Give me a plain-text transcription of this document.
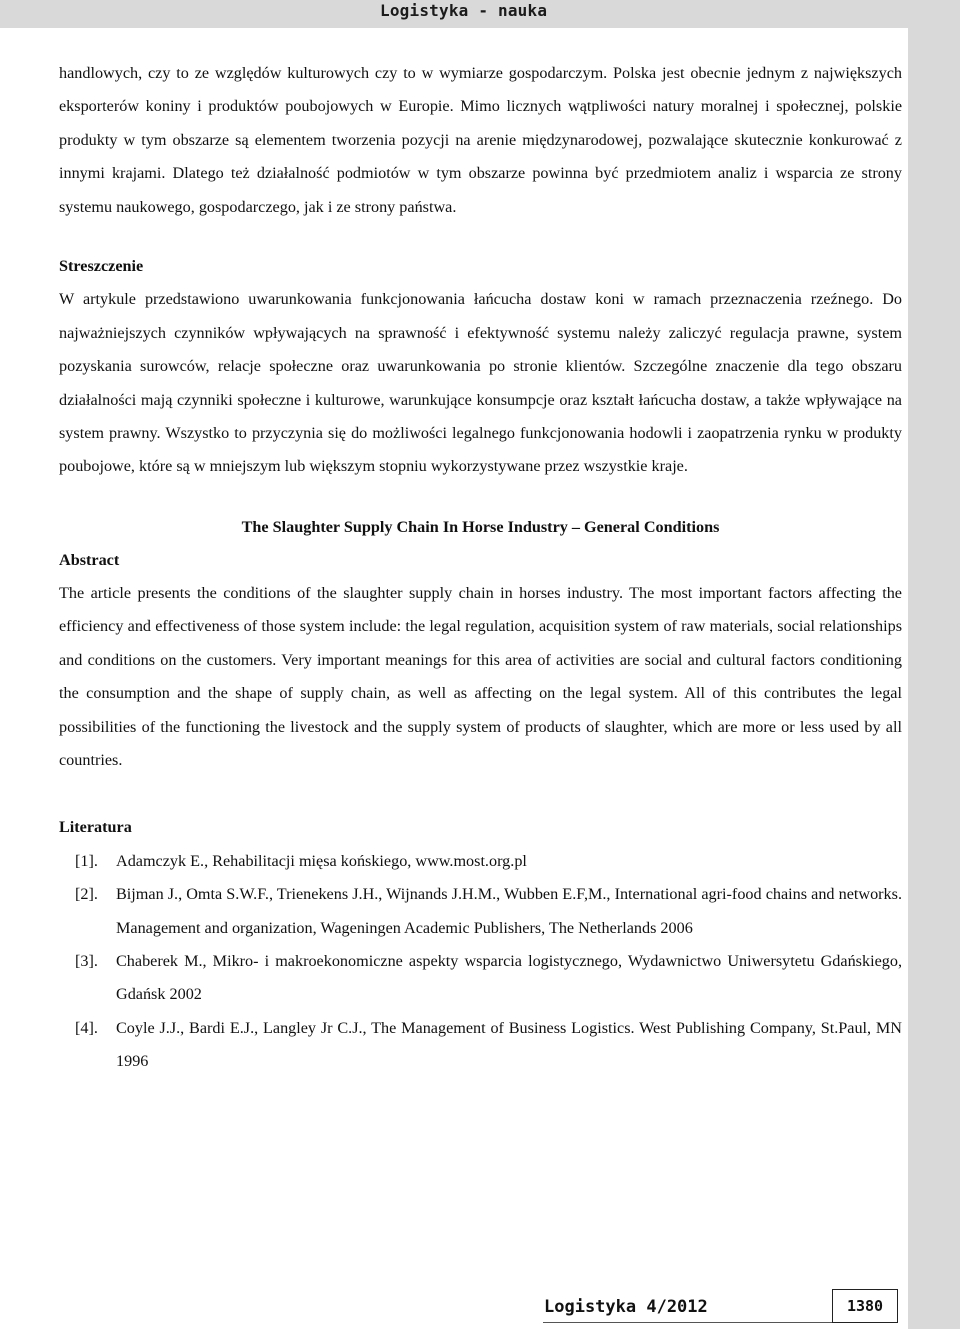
Logistyka - nauka

handlowych, czy to ze względów kulturowych czy to w wymiarze gospodarczym. Polska jest obecnie jednym z największych eksporterów koniny i produktów poubojowych w Europie. Mimo licznych wątpliwości natury moralnej i społecznej, polskie produkty w tym obszarze są elementem tworzenia pozycji na arenie międzynarodowej, pozwalające skutecznie konkurować z innymi krajami. Dlatego też działalność podmiotów w tym obszarze powinna być przedmiotem analiz i wsparcia ze strony systemu naukowego, gospodarczego, jak i ze strony państwa.

Streszczenie

W artykule przedstawiono uwarunkowania funkcjonowania łańcucha dostaw koni w ramach przeznaczenia rzeźnego. Do najważniejszych czynników wpływających na sprawność i efektywność systemu należy zaliczyć regulacja prawne, system pozyskania surowców, relacje społeczne oraz uwarunkowania po stronie klientów. Szczególne znaczenie dla tego obszaru działalności mają czynniki społeczne i kulturowe, warunkujące konsumpcje oraz kształt łańcucha dostaw, a także wpływające na system prawny. Wszystko to przyczynia się do możliwości legalnego funkcjonowania hodowli i zaopatrzenia rynku w produkty poubojowe, które są w mniejszym lub większym stopniu wykorzystywane przez wszystkie kraje.

The Slaughter Supply Chain In Horse Industry – General Conditions

Abstract

The article presents the conditions of the slaughter supply chain in horses industry. The most important factors affecting the efficiency and effectiveness of those system include: the legal regulation, acquisition system of raw materials, social relationships and conditions on the customers. Very important meanings for this area of activities are social and cultural factors conditioning the consumption and the shape of supply chain, as well as affecting on the legal system. All of this contributes the legal possibilities of the functioning the livestock and the supply system of products of slaughter, which are more or less used by all countries.

Literatura

[1].	Adamczyk E., Rehabilitacji mięsa końskiego, www.most.org.pl
[2].	Bijman J., Omta S.W.F., Trienekens J.H., Wijnands J.H.M., Wubben E.F,M., International agri-food chains and networks. Management and organization, Wageningen Academic Publishers, The Netherlands 2006
[3].	Chaberek M., Mikro- i makroekonomiczne aspekty wsparcia logistycznego, Wydawnictwo Uniwersytetu Gdańskiego, Gdańsk 2002
[4].	Coyle J.J., Bardi E.J., Langley Jr C.J., The Management of Business Logistics. West Publishing Company, St.Paul, MN 1996
Logistyka 4/2012	1380
